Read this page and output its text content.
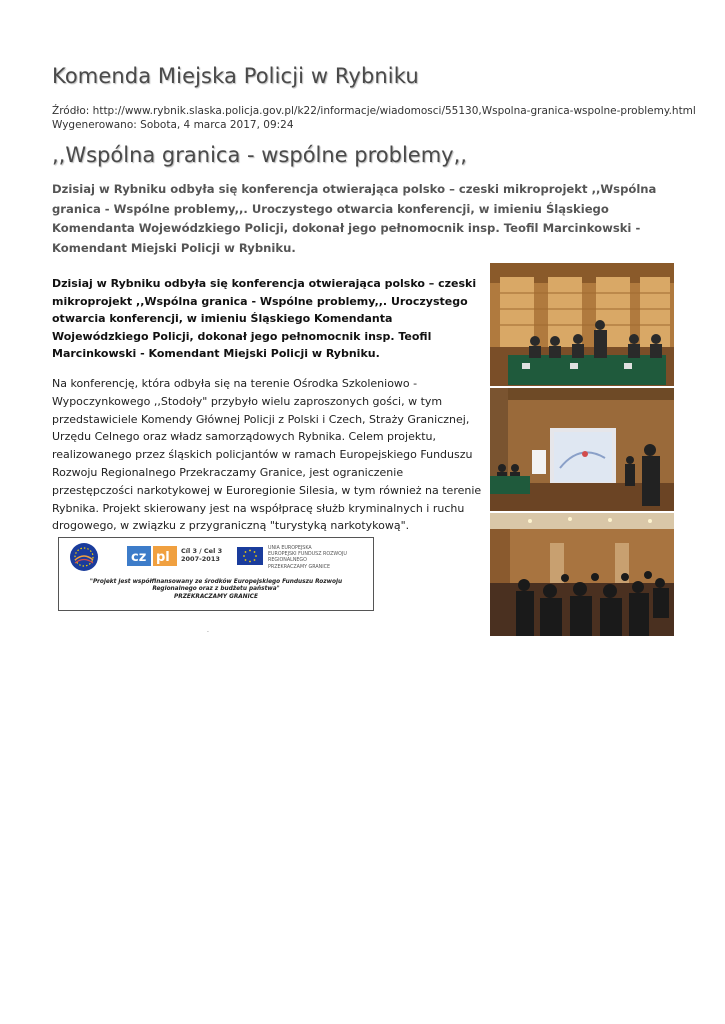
Komenda Miejska Policji w Rybniku
Źródło: http://www.rybnik.slaska.policja.gov.pl/k22/informacje/wiadomosci/55130,Wspolna-granica-wspolne-problemy.html
Wygenerowano: Sobota, 4 marca 2017, 09:24
,,Wspólna granica - wspólne problemy,,
Dzisiaj w Rybniku odbyła się konferencja otwierająca polsko – czeski mikroprojekt ,,Wspólna granica - Wspólne problemy,,. Uroczystego otwarcia konferencji, w imieniu Śląskiego Komendanta Wojewódzkiego Policji, dokonał jego pełnomocnik insp. Teofil Marcinkowski - Komendant Miejski Policji w Rybniku.
Dzisiaj w Rybniku odbyła się konferencja otwierająca polsko – czeski mikroprojekt ,,Wspólna granica - Wspólne problemy,,. Uroczystego otwarcia konferencji, w imieniu Śląskiego Komendanta Wojewódzkiego Policji, dokonał jego pełnomocnik insp. Teofil Marcinkowski - Komendant Miejski Policji w Rybniku.
Na konferencję, która odbyła się na terenie Ośrodka Szkoleniowo - Wypoczynkowego ,,Stodoły" przybyło wielu zaproszonych gości, w tym przedstawiciele Komendy Głównej Policji z Polski i Czech, Straży Granicznej, Urzędu Celnego oraz władz samorządowych Rybnika. Celem projektu, realizowanego przez śląskich policjantów w ramach Europejskiego Funduszu Rozwoju Regionalnego Przekraczamy Granice, jest ograniczenie przestępczości narkotykowej w Euroregionie Silesia, w tym również na terenie Rybnika. Projekt skierowany jest na współpracę służb kryminalnych i ruchu drogowego, w związku z przygraniczną "turystyką narkotykową".
cz pl Cíl 3 / Cel 3
2007-2013
UNIA EUROPEJSKA
EUROPEJSKI FUNDUSZ ROZWOJU REGIONALNEGO
PRZEKRACZAMY GRANICE
"Projekt jest współfinansowany ze środków Europejskiego Funduszu Rozwoju
Regionalnego oraz z budżetu państwa"
PRZEKRACZAMY GRANICE
.
